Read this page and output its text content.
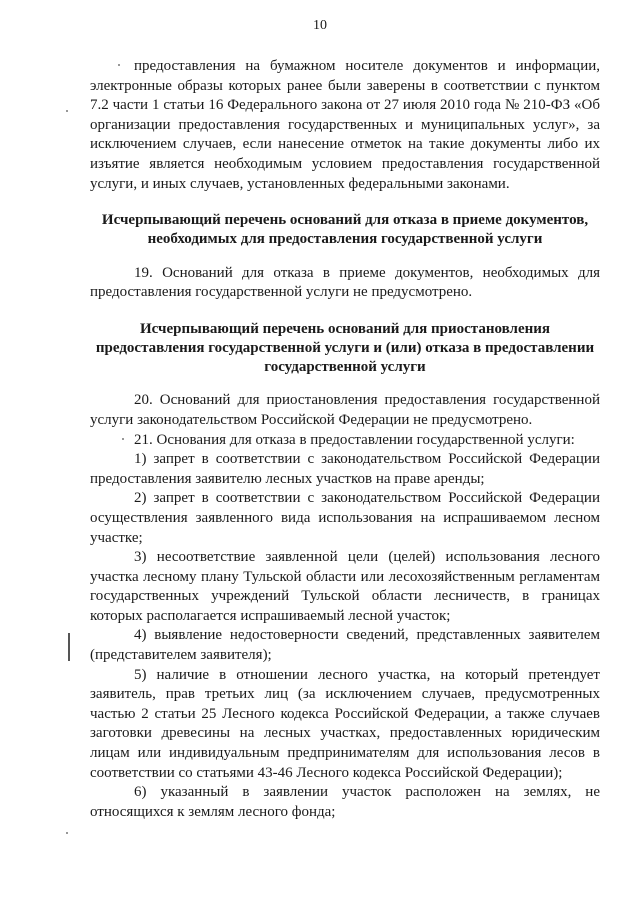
10

предоставления на бумажном носителе документов и информации, электронные образы которых ранее были заверены в соответствии с пунктом 7.2 части 1 статьи 16 Федерального закона от 27 июля 2010 года № 210-ФЗ «Об организации предоставления государственных и муниципальных услуг», за исключением случаев, если нанесение отметок на такие документы либо их изъятие является необходимым условием предоставления государственной услуги, и иных случаев, установленных федеральными законами.

Исчерпывающий перечень оснований для отказа в приеме документов, необходимых для предоставления государственной услуги

19. Оснований для отказа в приеме документов, необходимых для предоставления государственной услуги не предусмотрено.

Исчерпывающий перечень оснований для приостановления предоставления государственной услуги и (или) отказа в предоставлении государственной услуги

20. Оснований для приостановления предоставления государственной услуги законодательством Российской Федерации не предусмотрено.

21. Основания для отказа в предоставлении государственной услуги:

1) запрет в соответствии с законодательством Российской Федерации предоставления заявителю лесных участков на праве аренды;

2) запрет в соответствии с законодательством Российской Федерации осуществления заявленного вида использования на испрашиваемом лесном участке;

3) несоответствие заявленной цели (целей) использования лесного участка лесному плану Тульской области или лесохозяйственным регламентам государственных учреждений Тульской области лесничеств, в границах которых располагается испрашиваемый лесной участок;

4) выявление недостоверности сведений, представленных заявителем (представителем заявителя);

5) наличие в отношении лесного участка, на который претендует заявитель, прав третьих лиц (за исключением случаев, предусмотренных частью 2 статьи 25 Лесного кодекса Российской Федерации, а также случаев заготовки древесины на лесных участках, предоставленных юридическим лицам или индивидуальным предпринимателям для использования лесов в соответствии со статьями 43-46 Лесного кодекса Российской Федерации);

6) указанный в заявлении участок расположен на землях, не относящихся к землям лесного фонда;
